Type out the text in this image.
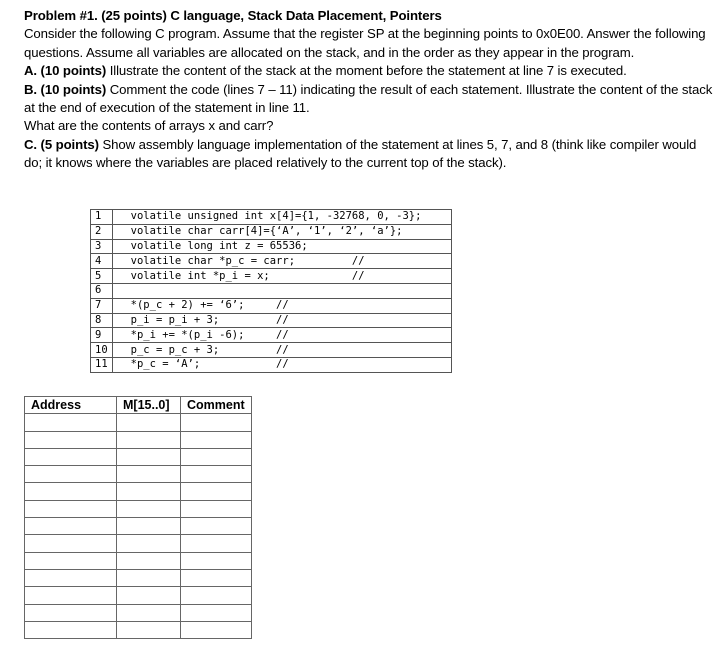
Problem #1. (25 points) C language, Stack Data Placement, Pointers

Consider the following C program. Assume that the register SP at the beginning points to 0x0E00. Answer the following questions. Assume all variables are allocated on the stack, and in the order as they appear in the program.

A. (10 points) Illustrate the content of the stack at the moment before the statement at line 7 is executed.

B. (10 points) Comment the code (lines 7 – 11) indicating the result of each statement. Illustrate the content of the stack at the end of execution of the statement in line 11.

What are the contents of arrays x and carr?

C. (5 points) Show assembly language implementation of the statement at lines 5, 7, and 8 (think like compiler would do; it knows where the variables are placed relatively to the current top of the stack).

1	volatile unsigned int x[4]={1, -32768, 0, -3};
2	volatile char carr[4]={‘A’, ‘1’, ‘2’, ‘a’};
3	volatile long int z = 65536;
4	volatile char *p_c = carr;         //
5	volatile int *p_i = x;             //
6	
7	*(p_c + 2) += ‘6’;     //
8	p_i = p_i + 3;         //
9	*p_i += *(p_i -6);     //
10	p_c = p_c + 3;         //
11	*p_c = ‘A’;            //
Address	M[15..0]	Comment
